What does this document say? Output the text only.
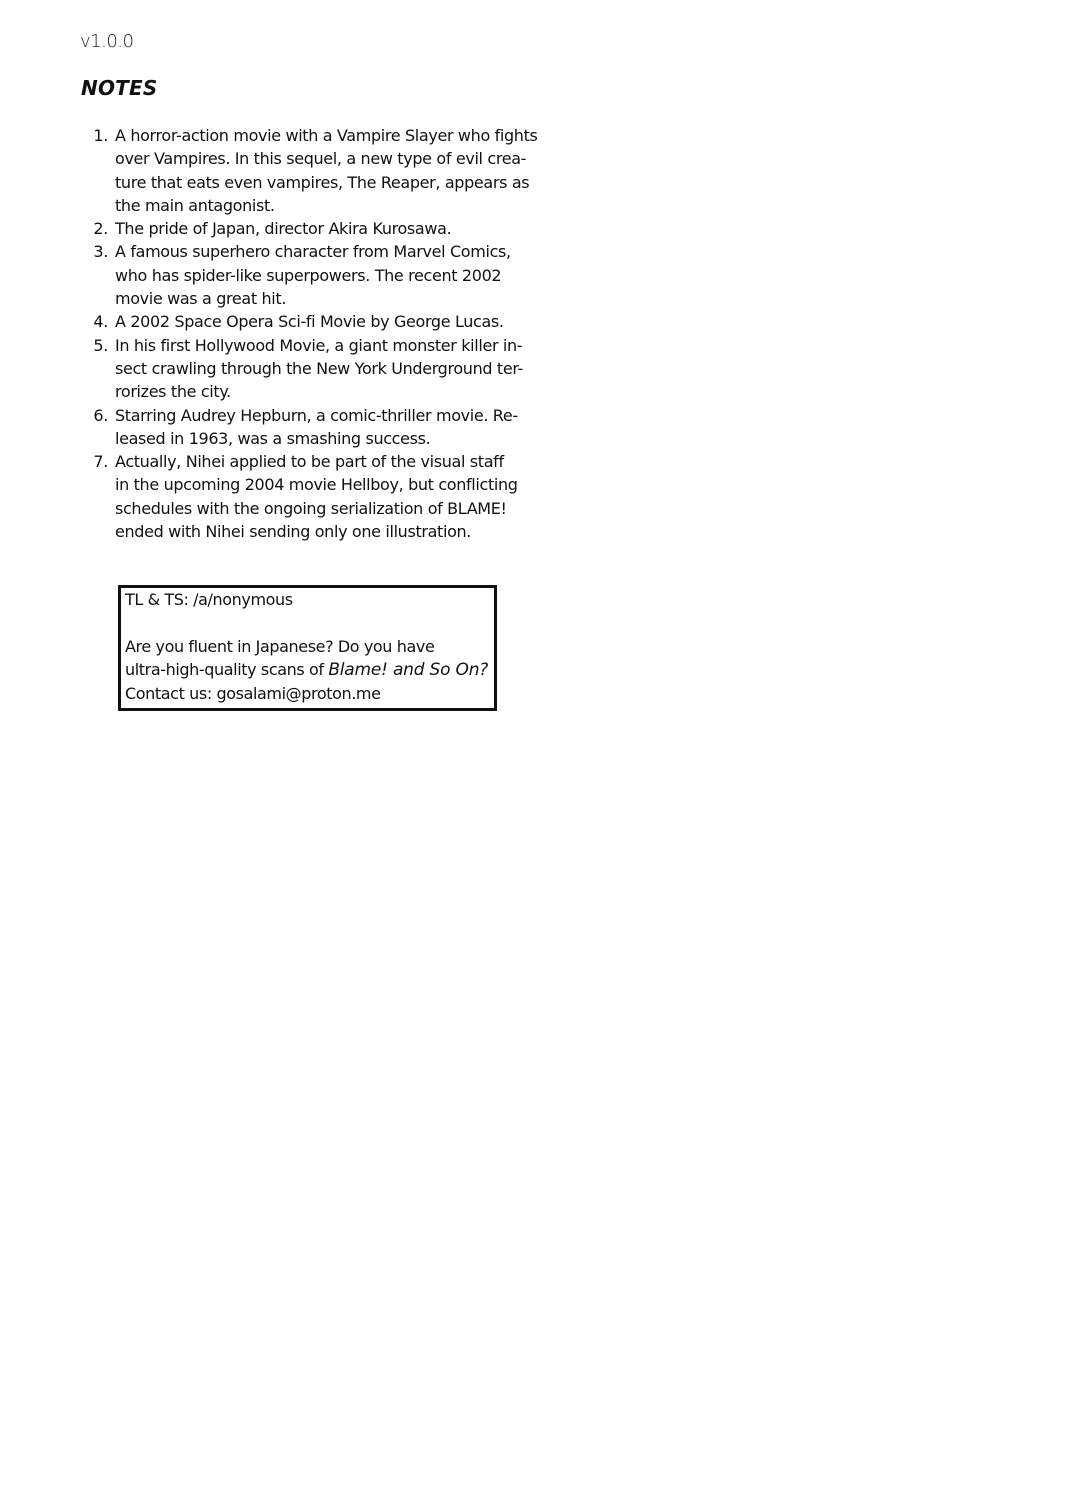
v1.0.0
NOTES
1. A horror-action movie with a Vampire Slayer who fights
over Vampires. In this sequel, a new type of evil crea-
ture that eats even vampires, The Reaper, appears as
the main antagonist.
2. The pride of Japan, director Akira Kurosawa.
3. A famous superhero character from Marvel Comics,
who has spider-like superpowers. The recent 2002
movie was a great hit.
4. A 2002 Space Opera Sci-fi Movie by George Lucas.
5. In his first Hollywood Movie, a giant monster killer in-
sect crawling through the New York Underground ter-
rorizes the city.
6. Starring Audrey Hepburn, a comic-thriller movie. Re-
leased in 1963, was a smashing success.
7. Actually, Nihei applied to be part of the visual staff
in the upcoming 2004 movie Hellboy, but conflicting
schedules with the ongoing serialization of BLAME!
ended with Nihei sending only one illustration.

TL & TS: /a/nonymous

Are you fluent in Japanese? Do you have

ultra-high-quality scans of Blame! and So On?

Contact us: gosalami@proton.me
